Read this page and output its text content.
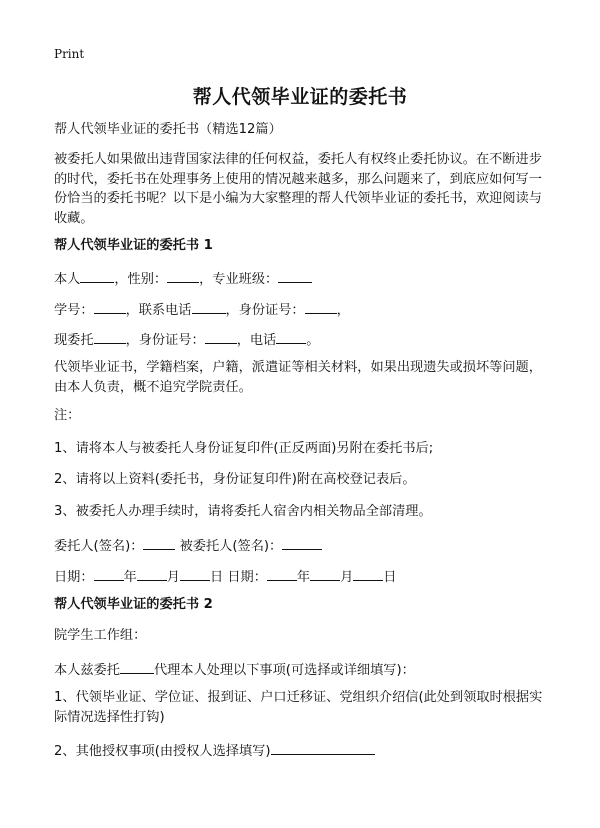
Print
帮人代领毕业证的委托书
帮人代领毕业证的委托书（精选12篇）
被委托人如果做出违背国家法律的任何权益，委托人有权终止委托协议。在不断进步的时代，委托书在处理事务上使用的情况越来越多，那么问题来了，到底应如何写一份恰当的委托书呢？以下是小编为大家整理的帮人代领毕业证的委托书，欢迎阅读与收藏。
帮人代领毕业证的委托书 1
本人	，性别： ，专业班级：
学号： ，联系电话	，身份证号： ，
现委托 ，身份证号： ，电话 。
代领毕业证书，学籍档案，户籍，派遣证等相关材料，如果出现遗失或损坏等问题，由本人负责，概不追究学院责任。
注：
1、请将本人与被委托人身份证复印件(正反两面)另附在委托书后;
2、请将以上资料(委托书，身份证复印件)附在高校登记表后。
3、被委托人办理手续时，请将委托人宿舍内相关物品全部清理。
委托人(签名)：	被委托人(签名)：
日期： 年 月 日 日期： 年 月 日
帮人代领毕业证的委托书 2
院学生工作组：
本人兹委托	代理本人处理以下事项(可选择或详细填写)：
1、代领毕业证、学位证、报到证、户口迁移证、党组织介绍信(此处到领取时根据实际情况选择性打钩)
2、其他授权事项(由授权人选择填写)
